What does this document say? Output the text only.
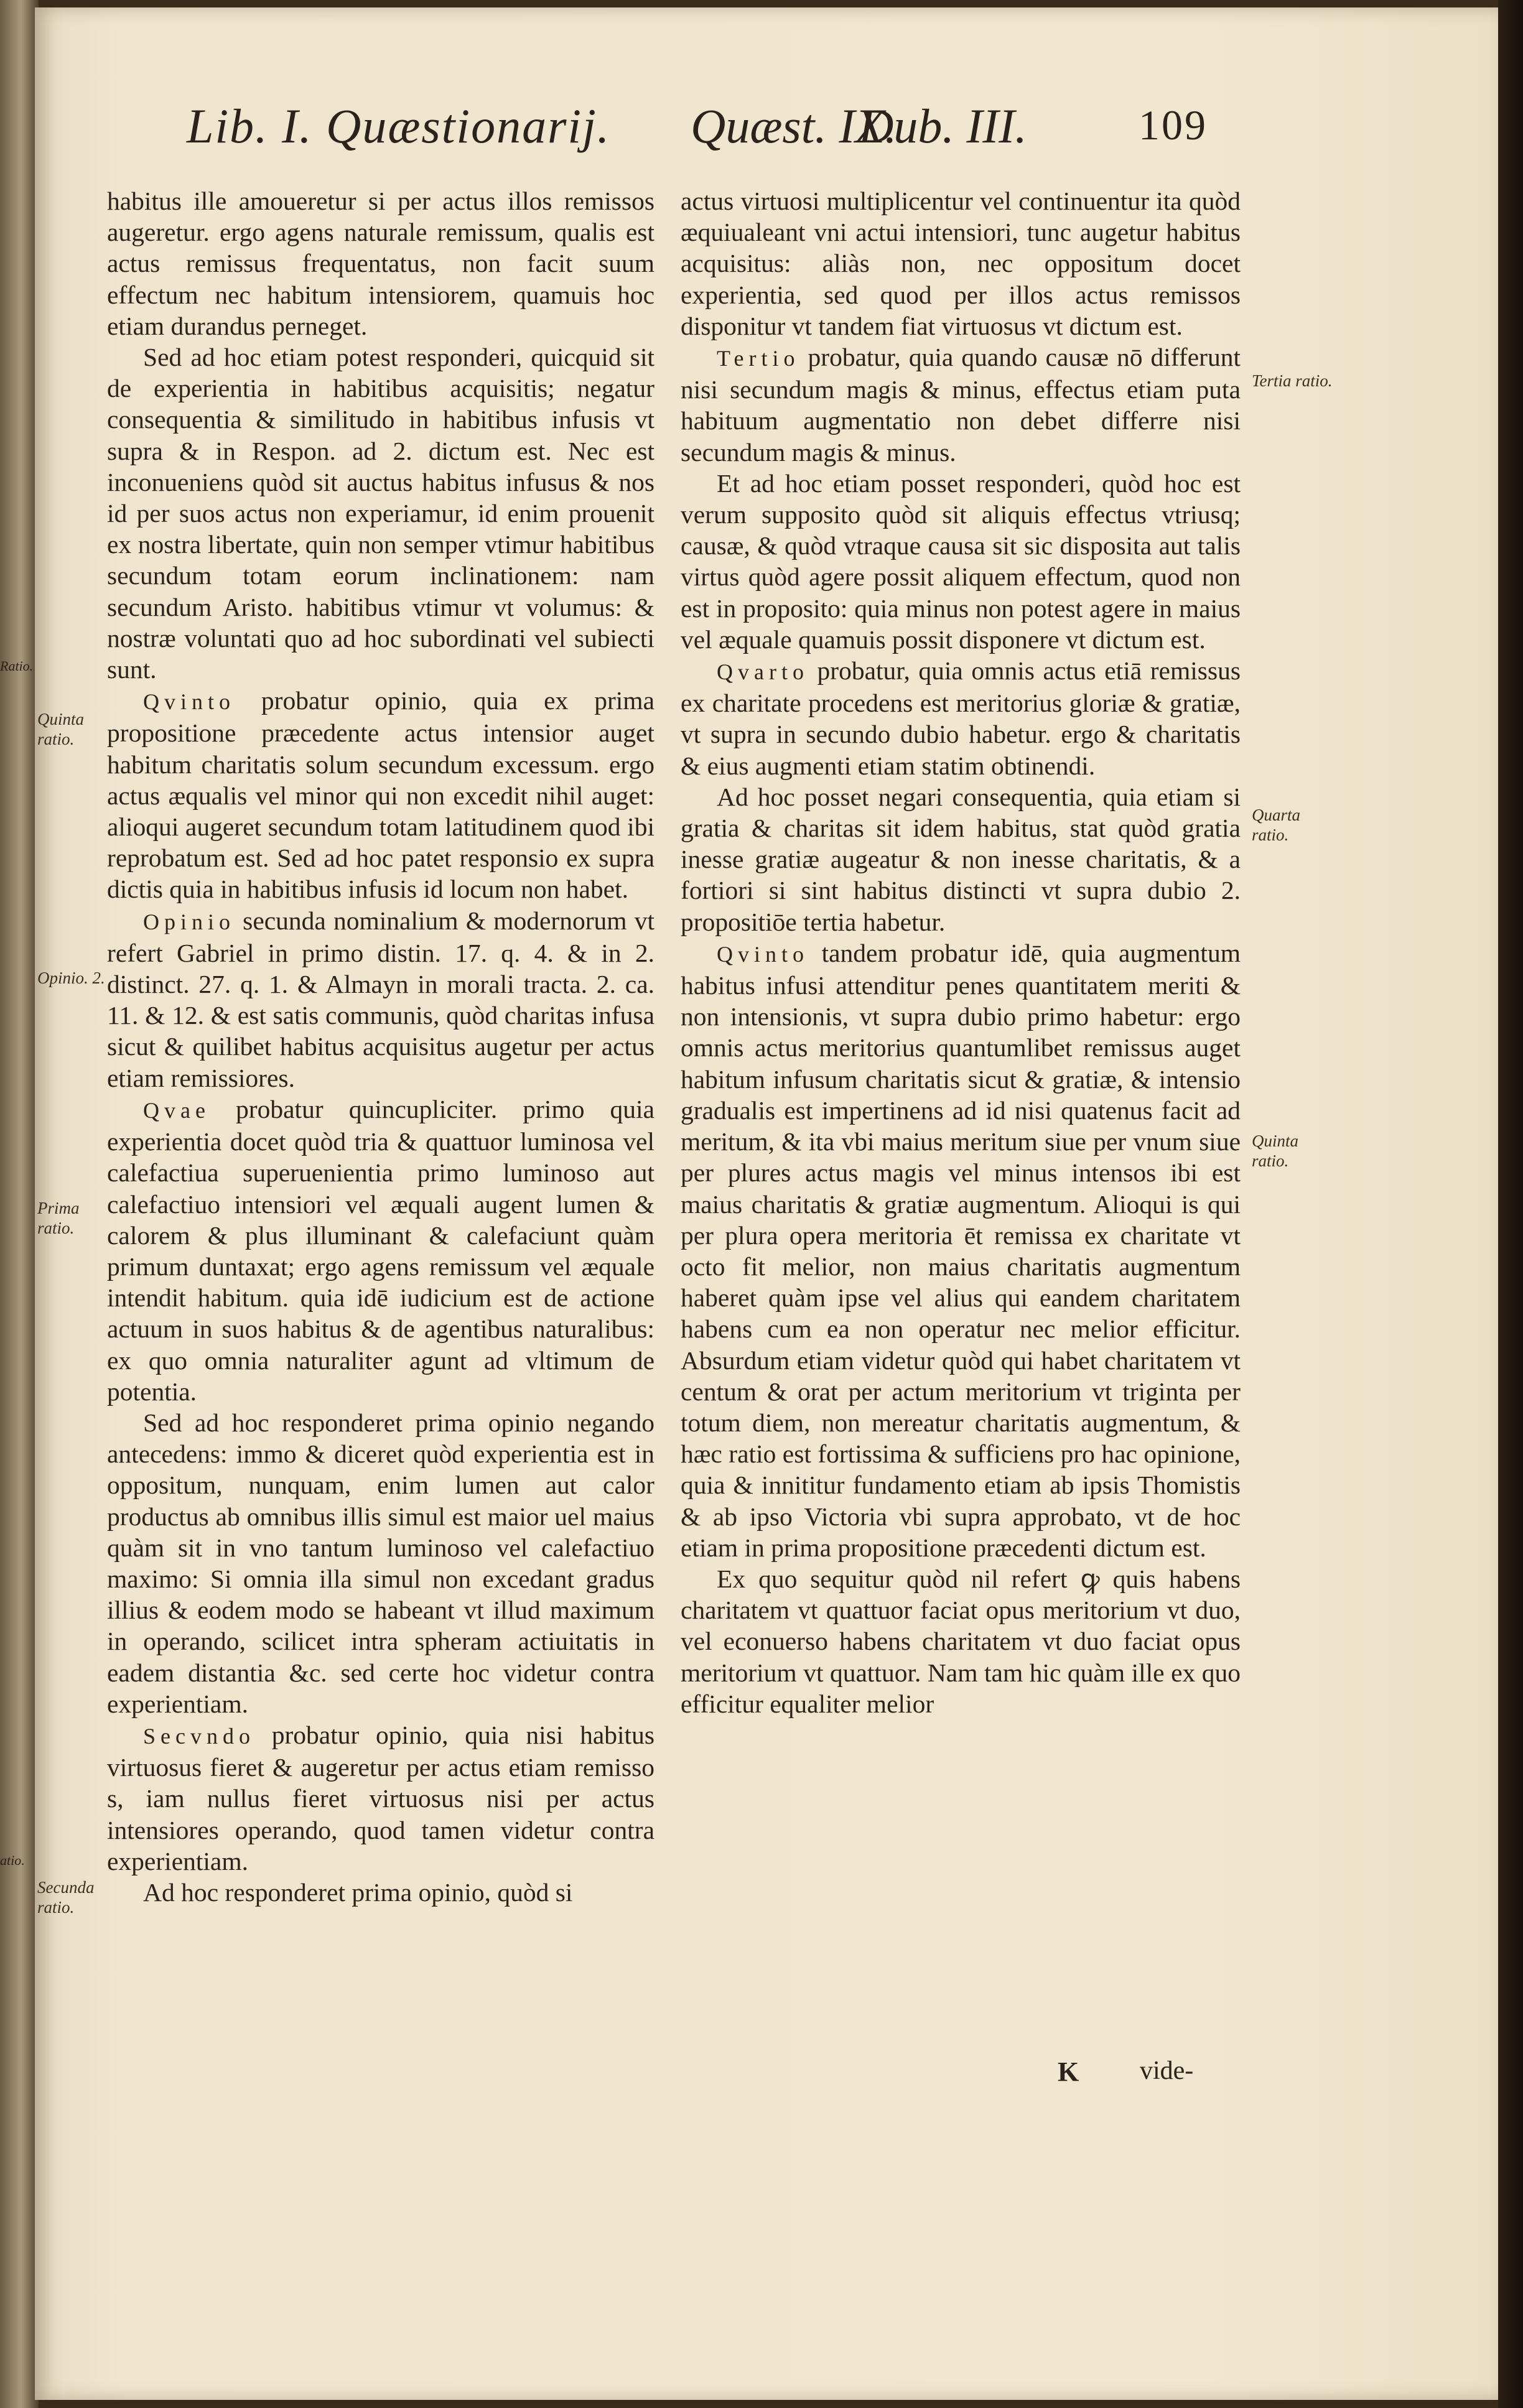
Ratio.
atio.
Lib. I. Quæstionarij. Quæst. IX.
Dub. III.	109

habitus ille amoueretur si per actus illos remissos augeretur. ergo agens naturale remissum, qualis est actus remissus frequentatus, non facit suum effectum nec habitum intensiorem, quamuis hoc etiam durandus perneget.

Sed ad hoc etiam potest responderi, quicquid sit de experientia in habitibus acquisitis; negatur consequentia & similitudo in habitibus infusis vt supra & in Respon. ad 2. dictum est. Nec est inconueniens quòd sit auctus habitus infusus & nos id per suos actus non experiamur, id enim prouenit ex nostra libertate, quin non semper vtimur habitibus secundum totam eorum inclinationem: nam secundum Aristo. habitibus vtimur vt volumus: & nostræ voluntati quo ad hoc subordinati vel subiecti sunt.

Qvinto probatur opinio, quia ex prima propositione præcedente actus intensior auget habitum charitatis solum secundum excessum. ergo actus æqualis vel minor qui non excedit nihil auget: alioqui augeret secundum totam latitudinem quod ibi reprobatum est. Sed ad hoc patet responsio ex supra dictis quia in habitibus infusis id locum non habet.

Opinio secunda nominalium & modernorum vt refert Gabriel in primo distin. 17. q. 4. & in 2. distinct. 27. q. 1. & Almayn in morali tracta. 2. ca. 11. & 12. & est satis communis, quòd charitas infusa sicut & quilibet habitus acquisitus augetur per actus etiam remissiores.

Qvae probatur quincupliciter. primo quia experientia docet quòd tria & quattuor luminosa vel calefactiua superuenientia primo luminoso aut calefactiuo intensiori vel æquali augent lumen & calorem & plus illuminant & calefaciunt quàm primum duntaxat; ergo agens remissum vel æquale intendit habitum. quia idē iudicium est de actione actuum in suos habitus & de agentibus naturalibus: ex quo omnia naturaliter agunt ad vltimum de potentia.

Sed ad hoc responderet prima opinio negando antecedens: immo & diceret quòd experientia est in oppositum, nunquam, enim lumen aut calor productus ab omnibus illis simul est maior uel maius quàm sit in vno tantum luminoso vel calefactiuo maximo: Si omnia illa simul non excedant gradus illius & eodem modo se habeant vt illud maximum in operando, scilicet intra spheram actiuitatis in eadem distantia &c. sed certe hoc videtur contra experientiam.

Secvndo probatur opinio, quia nisi habitus virtuosus fieret & augeretur per actus etiam remisso s, iam nullus fieret virtuosus nisi per actus intensiores operando, quod tamen videtur contra experientiam.

Ad hoc responderet prima opinio, quòd si

actus virtuosi multiplicentur vel continuentur ita quòd æquiualeant vni actui intensiori, tunc augetur habitus acquisitus: aliàs non, nec oppositum docet experientia, sed quod per illos actus remissos disponitur vt tandem fiat virtuosus vt dictum est.

Tertio probatur, quia quando causæ nō differunt nisi secundum magis & minus, effectus etiam puta habituum augmentatio non debet differre nisi secundum magis & minus.

Et ad hoc etiam posset responderi, quòd hoc est verum supposito quòd sit aliquis effectus vtriusq; causæ, & quòd vtraque causa sit sic disposita aut talis virtus quòd agere possit aliquem effectum, quod non est in proposito: quia minus non potest agere in maius vel æquale quamuis possit disponere vt dictum est.

Qvarto probatur, quia omnis actus etiā remissus ex charitate procedens est meritorius gloriæ & gratiæ, vt supra in secundo dubio habetur. ergo & charitatis & eius augmenti etiam statim obtinendi.

Ad hoc posset negari consequentia, quia etiam si gratia & charitas sit idem habitus, stat quòd gratia inesse gratiæ augeatur & non inesse charitatis, & a fortiori si sint habitus distincti vt supra dubio 2. propositiōe tertia habetur.

Qvinto tandem probatur idē, quia augmentum habitus infusi attenditur penes quantitatem meriti & non intensionis, vt supra dubio primo habetur: ergo omnis actus meritorius quantumlibet remissus auget habitum infusum charitatis sicut & gratiæ, & intensio gradualis est impertinens ad id nisi quatenus facit ad meritum, & ita vbi maius meritum siue per vnum siue per plures actus magis vel minus intensos ibi est maius charitatis & gratiæ augmentum. Alioqui is qui per plura opera meritoria ēt remissa ex charitate vt octo fit melior, non maius charitatis augmentum haberet quàm ipse vel alius qui eandem charitatem habens cum ea non operatur nec melior efficitur. Absurdum etiam videtur quòd qui habet charitatem vt centum & orat per actum meritorium vt triginta per totum diem, non mereatur charitatis augmentum, & hæc ratio est fortissima & sufficiens pro hac opinione, quia & innititur fundamento etiam ab ipsis Thomistis & ab ipso Victoria vbi supra approbato, vt de hoc etiam in prima propositione præcedenti dictum est.

Ex quo sequitur quòd nil refert ꝙ quis habens charitatem vt quattuor faciat opus meritorium vt duo, vel econuerso habens charitatem vt duo faciat opus meritorium vt quattuor. Nam tam hic quàm ille ex quo efficitur equaliter melior

Quinta ratio.
Opinio. 2.
Prima ratio.
Secunda ratio.
Tertia ratio.
Quarta ratio.
Quinta ratio.
K vide-
